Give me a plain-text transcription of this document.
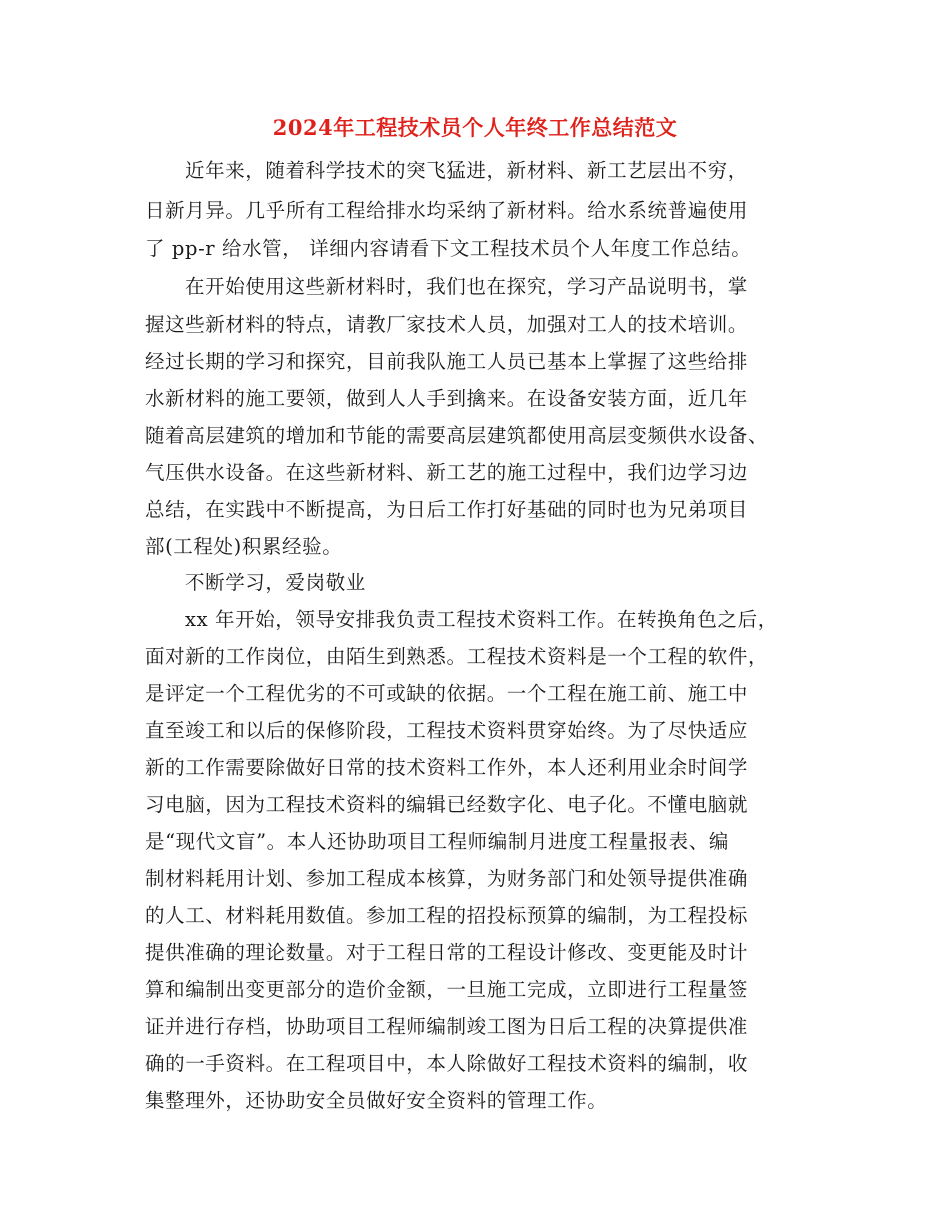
2024年工程技术员个人年终工作总结范文
近年来，随着科学技术的突飞猛进，新材料、新工艺层出不穷，
日新月异。几乎所有工程给排水均采纳了新材料。给水系统普遍使用
了 pp-r 给水管， 详细内容请看下文工程技术员个人年度工作总结。
在开始使用这些新材料时，我们也在探究，学习产品说明书，掌
握这些新材料的特点，请教厂家技术人员，加强对工人的技术培训。
经过长期的学习和探究，目前我队施工人员已基本上掌握了这些给排
水新材料的施工要领，做到人人手到擒来。在设备安装方面，近几年
随着高层建筑的增加和节能的需要高层建筑都使用高层变频供水设备、
气压供水设备。在这些新材料、新工艺的施工过程中，我们边学习边
总结，在实践中不断提高，为日后工作打好基础的同时也为兄弟项目
部(工程处)积累经验。
不断学习，爱岗敬业
xx 年开始，领导安排我负责工程技术资料工作。在转换角色之后，
面对新的工作岗位，由陌生到熟悉。工程技术资料是一个工程的软件，
是评定一个工程优劣的不可或缺的依据。一个工程在施工前、施工中
直至竣工和以后的保修阶段，工程技术资料贯穿始终。为了尽快适应
新的工作需要除做好日常的技术资料工作外，本人还利用业余时间学
习电脑，因为工程技术资料的编辑已经数字化、电子化。不懂电脑就
是“现代文盲”。本人还协助项目工程师编制月进度工程量报表、编
制材料耗用计划、参加工程成本核算，为财务部门和处领导提供准确
的人工、材料耗用数值。参加工程的招投标预算的编制，为工程投标
提供准确的理论数量。对于工程日常的工程设计修改、变更能及时计
算和编制出变更部分的造价金额，一旦施工完成，立即进行工程量签
证并进行存档，协助项目工程师编制竣工图为日后工程的决算提供准
确的一手资料。在工程项目中，本人除做好工程技术资料的编制，收
集整理外，还协助安全员做好安全资料的管理工作。
